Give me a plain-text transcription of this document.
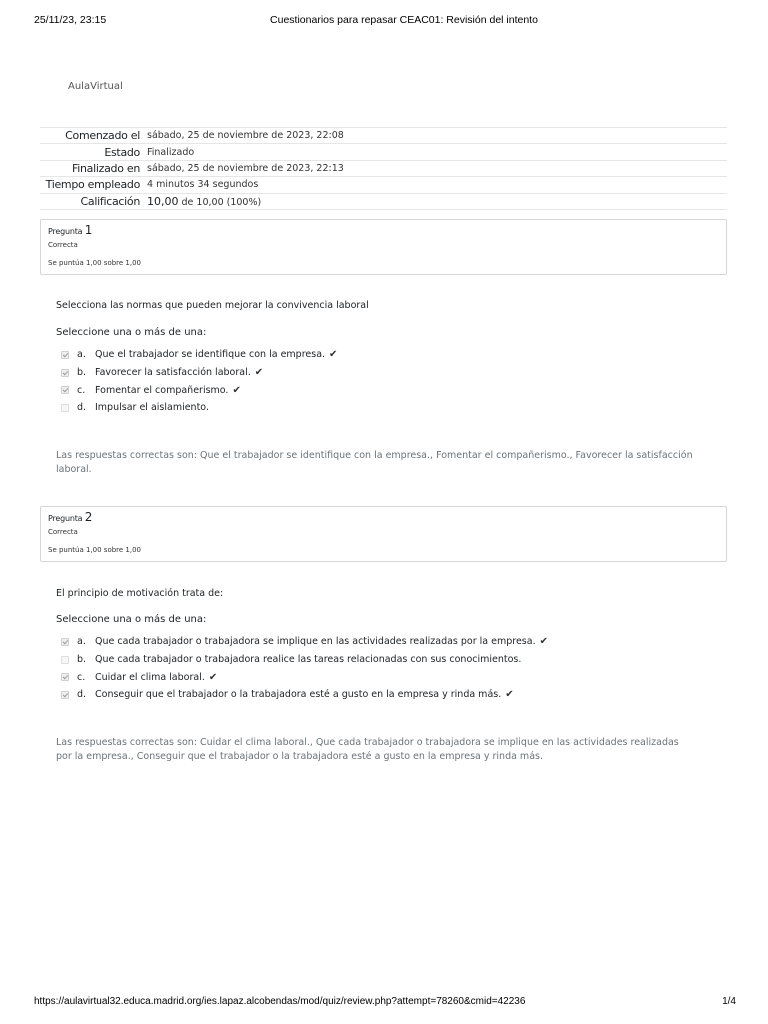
25/11/23, 23:15	Cuestionarios para repasar CEAC01: Revisión del intento
AulaVirtual
Comenzado el	sábado, 25 de noviembre de 2023, 22:08
Estado	Finalizado
Finalizado en	sábado, 25 de noviembre de 2023, 22:13
Tiempo empleado	4 minutos 34 segundos
Calificación	10,00 de 10,00 (100%)
Pregunta 1
Correcta
Se puntúa 1,00 sobre 1,00
Selecciona las normas que pueden mejorar la convivencia laboral
Seleccione una o más de una:
a. Que el trabajador se identifique con la empresa. ✔
b. Favorecer la satisfacción laboral. ✔
c.	Fomentar el compañerismo. ✔
d. Impulsar el aislamiento.
Las respuestas correctas son: Que el trabajador se identifique con la empresa., Fomentar el compañerismo., Favorecer la satisfacción laboral.
Pregunta 2
Correcta
Se puntúa 1,00 sobre 1,00
El principio de motivación trata de:
Seleccione una o más de una:
a. Que cada trabajador o trabajadora se implique en las actividades realizadas por la empresa. ✔
b. Que cada trabajador o trabajadora realice las tareas relacionadas con sus conocimientos.
c.	Cuidar el clima laboral. ✔
d. Conseguir que el trabajador o la trabajadora esté a gusto en la empresa y rinda más. ✔
Las respuestas correctas son: Cuidar el clima laboral., Que cada trabajador o trabajadora se implique en las actividades realizadas por la empresa., Conseguir que el trabajador o la trabajadora esté a gusto en la empresa y rinda más.
https://aulavirtual32.educa.madrid.org/ies.lapaz.alcobendas/mod/quiz/review.php?attempt=78260&cmid=42236	1/4
